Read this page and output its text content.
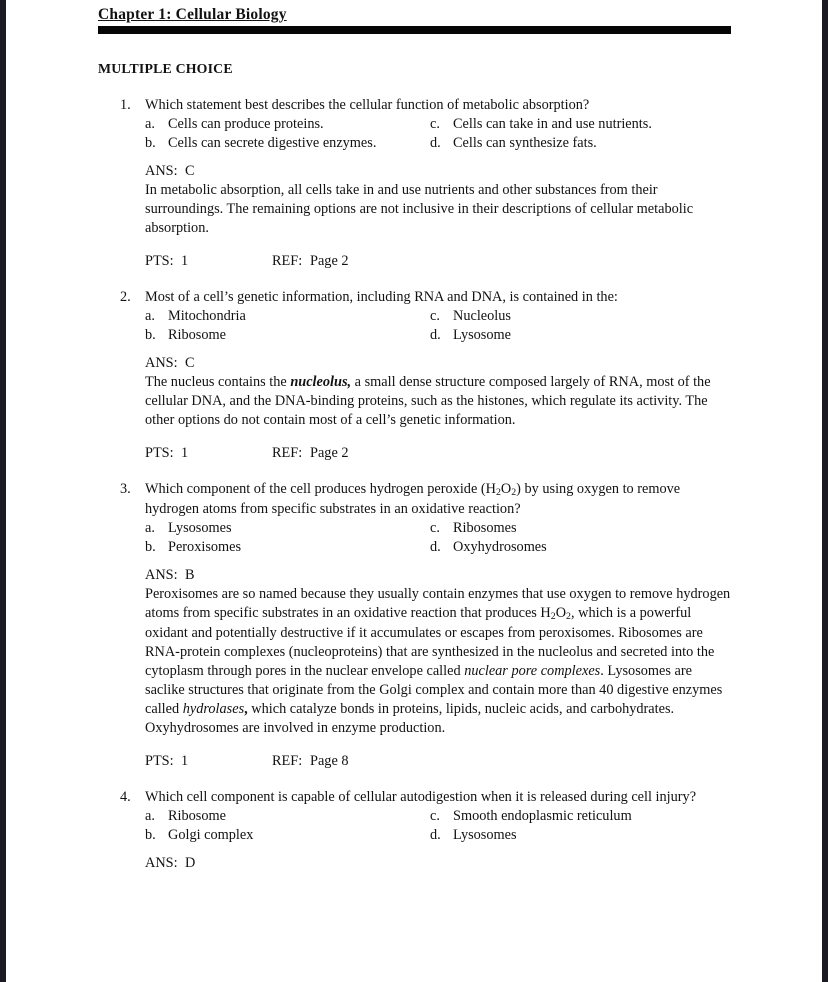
Chapter 1: Cellular Biology
MULTIPLE CHOICE
1. Which statement best describes the cellular function of metabolic absorption?
a. Cells can produce proteins.	c. Cells can take in and use nutrients.
b. Cells can secrete digestive enzymes.	d. Cells can synthesize fats.
ANS: C
In metabolic absorption, all cells take in and use nutrients and other substances from their surroundings. The remaining options are not inclusive in their descriptions of cellular metabolic absorption.
PTS: 1	REF: Page 2
2. Most of a cell’s genetic information, including RNA and DNA, is contained in the:
a. Mitochondria	c. Nucleolus
b. Ribosome	d. Lysosome
ANS: C
The nucleus contains the nucleolus, a small dense structure composed largely of RNA, most of the cellular DNA, and the DNA-binding proteins, such as the histones, which regulate its activity. The other options do not contain most of a cell’s genetic information.
PTS: 1	REF: Page 2
3. Which component of the cell produces hydrogen peroxide (H2O2) by using oxygen to remove hydrogen atoms from specific substrates in an oxidative reaction?
a. Lysosomes	c. Ribosomes
b. Peroxisomes	d. Oxyhydrosomes
ANS: B
Peroxisomes are so named because they usually contain enzymes that use oxygen to remove hydrogen atoms from specific substrates in an oxidative reaction that produces H2O2, which is a powerful oxidant and potentially destructive if it accumulates or escapes from peroxisomes. Ribosomes are RNA-protein complexes (nucleoproteins) that are synthesized in the nucleolus and secreted into the cytoplasm through pores in the nuclear envelope called nuclear pore complexes. Lysosomes are saclike structures that originate from the Golgi complex and contain more than 40 digestive enzymes called hydrolases, which catalyze bonds in proteins, lipids, nucleic acids, and carbohydrates. Oxyhydrosomes are involved in enzyme production.
PTS: 1	REF: Page 8
4. Which cell component is capable of cellular autodigestion when it is released during cell injury?
a. Ribosome	c. Smooth endoplasmic reticulum
b. Golgi complex	d. Lysosomes
ANS: D
